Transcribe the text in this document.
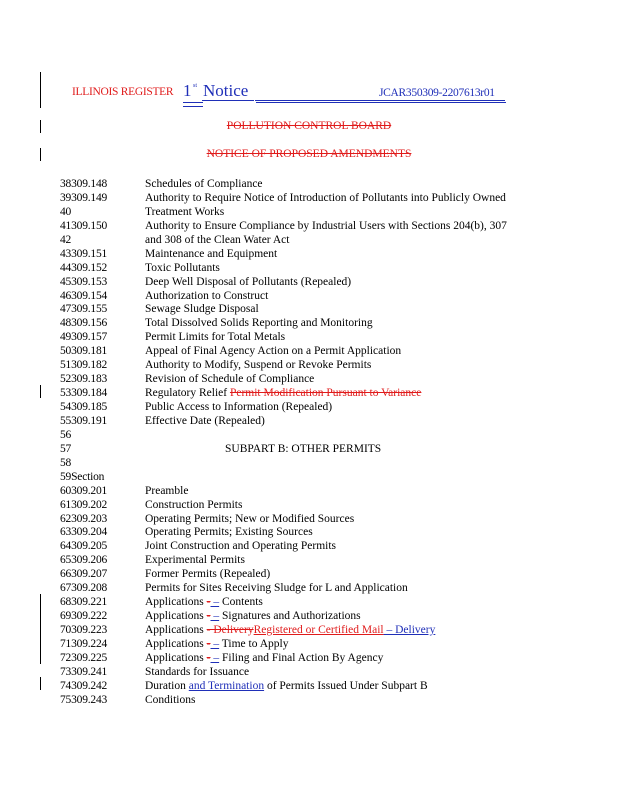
ILLINOIS REGISTER 1 st Notice	JCAR350309-2207613r01
POLLUTION CONTROL BOARD
NOTICE OF PROPOSED AMENDMENTS
38309.148	Schedules of Compliance
39309.149	Authority to Require Notice of Introduction of Pollutants into Publicly Owned
40	Treatment Works
41309.150	Authority to Ensure Compliance by Industrial Users with Sections 204(b), 307
42	and 308 of the Clean Water Act
43309.151	Maintenance and Equipment
44309.152	Toxic Pollutants
45309.153	Deep Well Disposal of Pollutants (Repealed)
46309.154	Authorization to Construct
47309.155	Sewage Sludge Disposal
48309.156	Total Dissolved Solids Reporting and Monitoring
49309.157	Permit Limits for Total Metals
50309.181	Appeal of Final Agency Action on a Permit Application
51309.182	Authority to Modify, Suspend or Revoke Permits
52309.183	Revision of Schedule of Compliance
53309.184	Regulatory Relief Permit Modification Pursuant to Variance
54309.185	Public Access to Information (Repealed)
55309.191	Effective Date (Repealed)
56
57	SUBPART B: OTHER PERMITS
58
59Section
60309.201	Preamble
61309.202	Construction Permits
62309.203	Operating Permits; New or Modified Sources
63309.204	Operating Permits; Existing Sources
64309.205	Joint Construction and Operating Permits
65309.206	Experimental Permits
66309.207	Former Permits (Repealed)
67309.208	Permits for Sites Receiving Sludge for L and Application
68309.221	Applications - – Contents
69309.222	Applications - – Signatures and Authorizations
70309.223	Applications - DeliveryRegistered or Certified Mail – Delivery
71309.224	Applications - – Time to Apply
72309.225	Applications - – Filing and Final Action By Agency
73309.241	Standards for Issuance
74309.242	Duration and Termination of Permits Issued Under Subpart B
75309.243	Conditions
